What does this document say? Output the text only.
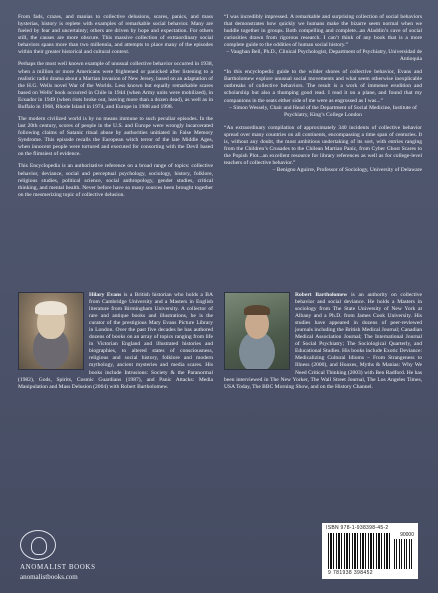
From fads, crazes, and manias to collective delusions, scares, panics, and mass hysterias, history is replete with examples of remarkable social behavior. Many are fueled by fear and uncertainty; others are driven by hope and expectation. For others still, the causes are more obscure. This massive collection of extraordinary social behaviors spans more than two millennia, and attempts to place many of the episodes within their greater historical and cultural context.

Perhaps the most well known example of unusual collective behavior occurred in 1938, when a million or more Americans were frightened or panicked after listening to a realistic radio drama about a Martian invasion of New Jersey, based on an adaptation of the H.G. Wells novel War of the Worlds. Less known but equally remarkable scares based on Wells' book occurred in Chile in 1944 (when Army units were mobilized), in Ecuador in 1949 (when riots broke out, leaving more than a dozen dead), as well as in Buffalo in 1968, Rhode Island in 1974, and Europe in 1988 and 1998.

The modern civilized world is by no means immune to such peculiar episodes. In the last 20th century, scores of people in the U.S. and Europe were wrongly incarcerated following claims of Satanic ritual abuse by authorities unitiated in False Memory Syndrome. This episode recalls the European witch terror of the late Middle Ages, when innocent people were tortured and executed for consorting with the Devil based on the flimsiest of evidence.

This Encyclopedia is an authoritative reference on a broad range of topics: collective behavior, deviance, social and perceptual psychology, sociology, history, folklore, religious studies, political science, social anthropology, gender studies, critical thinking, and mental health. Never before have so many sources been brought together on the mesmerizing topic of collective delusion.

“I was incredibly impressed. A remarkable and surprising collection of social behaviors that demonstrates how quickly we humans make the bizarre seem normal when we huddle together in groups. Both compelling and complete...an Aladdin’s cave of social curiosities drawn from rigorous research. I can’t think of any book that is a more complete guide to the oddities of human social history.”
– Vaughan Bell, Ph.D., Clinical Psychologist, Department of Psychiatry, Universidad de Antioquia
“In this encyclopedic guide to the wilder shores of collective behavior, Evans and Bartholomew explore unusual social movements and what seem otherwise inexplicable outbreaks of collective behaviors. The result is a work of immense erudition and scholarship but also a thumping good read. I read it on a plane, and found that my companions in the seats either side of me were as engrossed as I was...”
– Simon Wessely, Chair and Head of the Department of Social Medicine, Institute of Psychiatry, King’s College London
“An extraordinary compilation of approximately 340 incidents of collective behavior spread over many countries on all continents, encompassing a time span of centuries. It is, without any doubt, the most ambitious undertaking of its sort, with entries ranging from the Children’s Crusades to the Chilean Martian Panic, from Cyber Ghost Scares to the Popish Plot...an excellent resource for library references as well as for college-level teachers of collective behavior.”
– Benigno Aguirre, Professor of Sociology, University of Delaware
Hilary Evans is a British historian who holds a BA from Cambridge University and a Masters in English literature from Birmingham University. A collector of rare and antique books and illustrations, he is the curator of the prestigious Mary Evans Picture Library in London. Over the past five decades he has authored dozens of books on an array of topics ranging from life in Victorian England and illustrated histories and biographies, to altered states of consciousness, religious and social history, folklore and modern mythology, ancient mysteries and media scares. His books include Intrusions: Society & the Paranormal (1982), Gods, Spirits, Cosmic Guardians (1987), and Panic Attacks: Media Manipulation and Mass Delusion (2004) with Robert Bartholomew.
Robert Bartholomew is an authority on collective behavior and social deviance. He holds a Masters in sociology from The State University of New York at Albany and a Ph.D. from James Cook University. His studies have appeared in dozens of peer-reviewed journals including the British Medical Journal; Canadian Medical Association Journal; The International Journal of Social Psychiatry; The Sociological Quarterly, and Educational Studies. His books include Exotic Deviance: Medicalizing Cultural Idioms – From Strangeness to Illness (2000), and Hoaxes, Myths & Manias: Why We Need Critical Thinking (2003) with Ben Radford. He has been interviewed in The New Yorker, The Wall Street Journal, The Los Angeles Times, USA Today, The BBC Morning Show, and on the History Channel.
ANOMALIST BOOKS
anomalistbooks.com
ISBN 978-1-938398-45-2
90000
9 781938 398452
